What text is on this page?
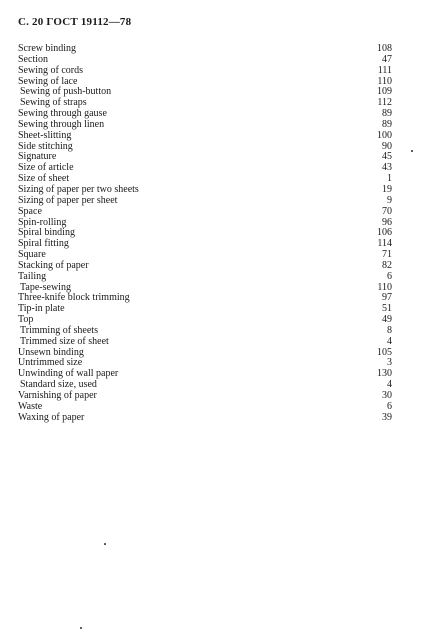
С. 20 ГОСТ 19112—78
Screw binding	108
Section	47
Sewing of cords	111
Sewing of lace	110
Sewing of push-button	109
Sewing of straps	112
Sewing through gause	89
Sewing through linen	89
Sheet-slitting	100
Side stitching	90
Signature	45
Size of article	43
Size of sheet	1
Sizing of paper per two sheets	19
Sizing of paper per sheet	9
Space	70
Spin-rolling	96
Spiral binding	106
Spiral fitting	114
Square	71
Stacking of paper	82
Tailing	6
Tape-sewing	110
Three-knife block trimming	97
Tip-in plate	51
Top	49
Trimming of sheets	8
Trimmed size of sheet	4
Unsewn binding	105
Untrimmed size	3
Unwinding of wall paper	130
Standard size, used	4
Varnishing of paper	30
Waste	6
Waxing of paper	39
